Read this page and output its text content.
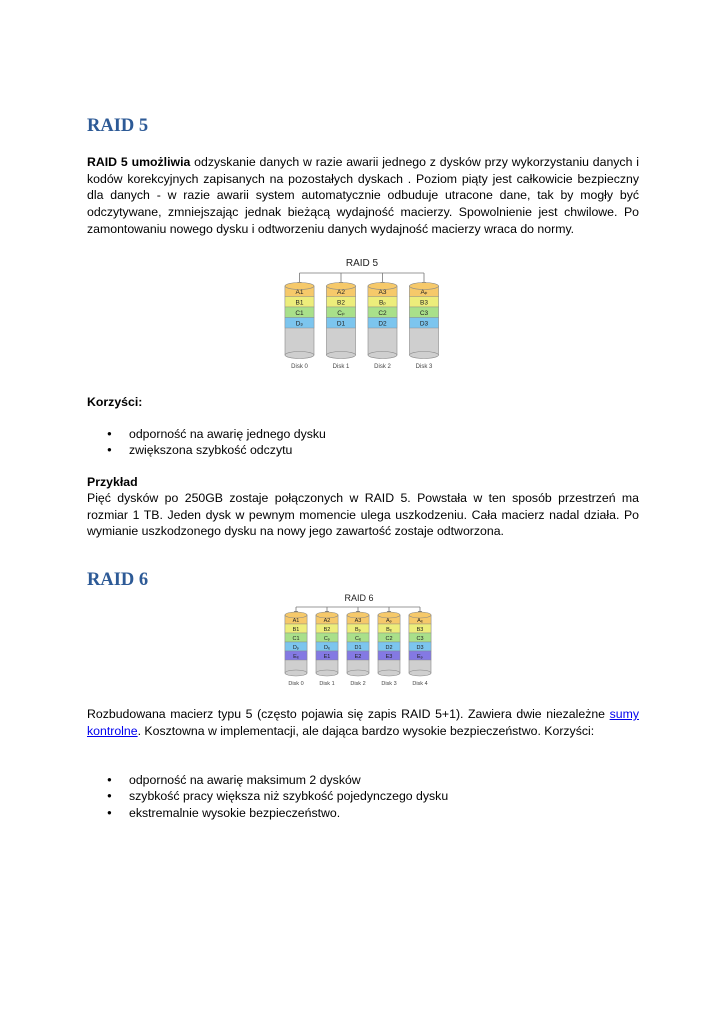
RAID 5

RAID 5 umożliwia odzyskanie danych w razie awarii jednego z dysków przy wykorzystaniu danych i kodów korekcyjnych zapisanych na pozostałych dyskach . Poziom piąty jest całkowicie bezpieczny dla danych - w razie awarii system automatycznie odbuduje utracone dane, tak by mogły być odczytywane, zmniejszając jednak bieżącą wydajność macierzy. Spowolnienie jest chwilowe. Po zamontowaniu nowego dysku i odtworzeniu danych wydajność macierzy wraca do normy.

RAID 5
A1
B1
C1
Dₚ
Disk 0
A2
B2
Cₚ
D1
Disk 1
A3
Bₚ
C2
D2
Disk 2
Aₚ
B3
C3
D3
Disk 3

Korzyści:

● odporność na awarię jednego dysku
● zwiększona szybkość odczytu

Przykład

Pięć dysków po 250GB zostaje połączonych w RAID 5. Powstała w ten sposób przestrzeń ma rozmiar 1 TB. Jeden dysk w pewnym momencie ulega uszkodzeniu. Cała macierz nadal działa. Po wymianie uszkodzonego dysku na nowy jego zawartość zostaje odtworzona.

RAID 6
RAID 6
A1
B1
C1
Dₚ
Eₑ
Disk 0
A2
B2
Cₚ
Dₑ
E1
Disk 1
A3
Bₚ
Cₑ
D1
E2
Disk 2
Aₚ
Bₑ
C2
D2
E3
Disk 3
Aₑ
B3
C3
D3
Eₚ
Disk 4

Rozbudowana macierz typu 5 (często pojawia się zapis RAID 5+1). Zawiera dwie niezależne sumy kontrolne. Kosztowna w implementacji, ale dająca bardzo wysokie bezpieczeństwo. Korzyści:

● odporność na awarię maksimum 2 dysków
● szybkość pracy większa niż szybkość pojedynczego dysku
● ekstremalnie wysokie bezpieczeństwo.
